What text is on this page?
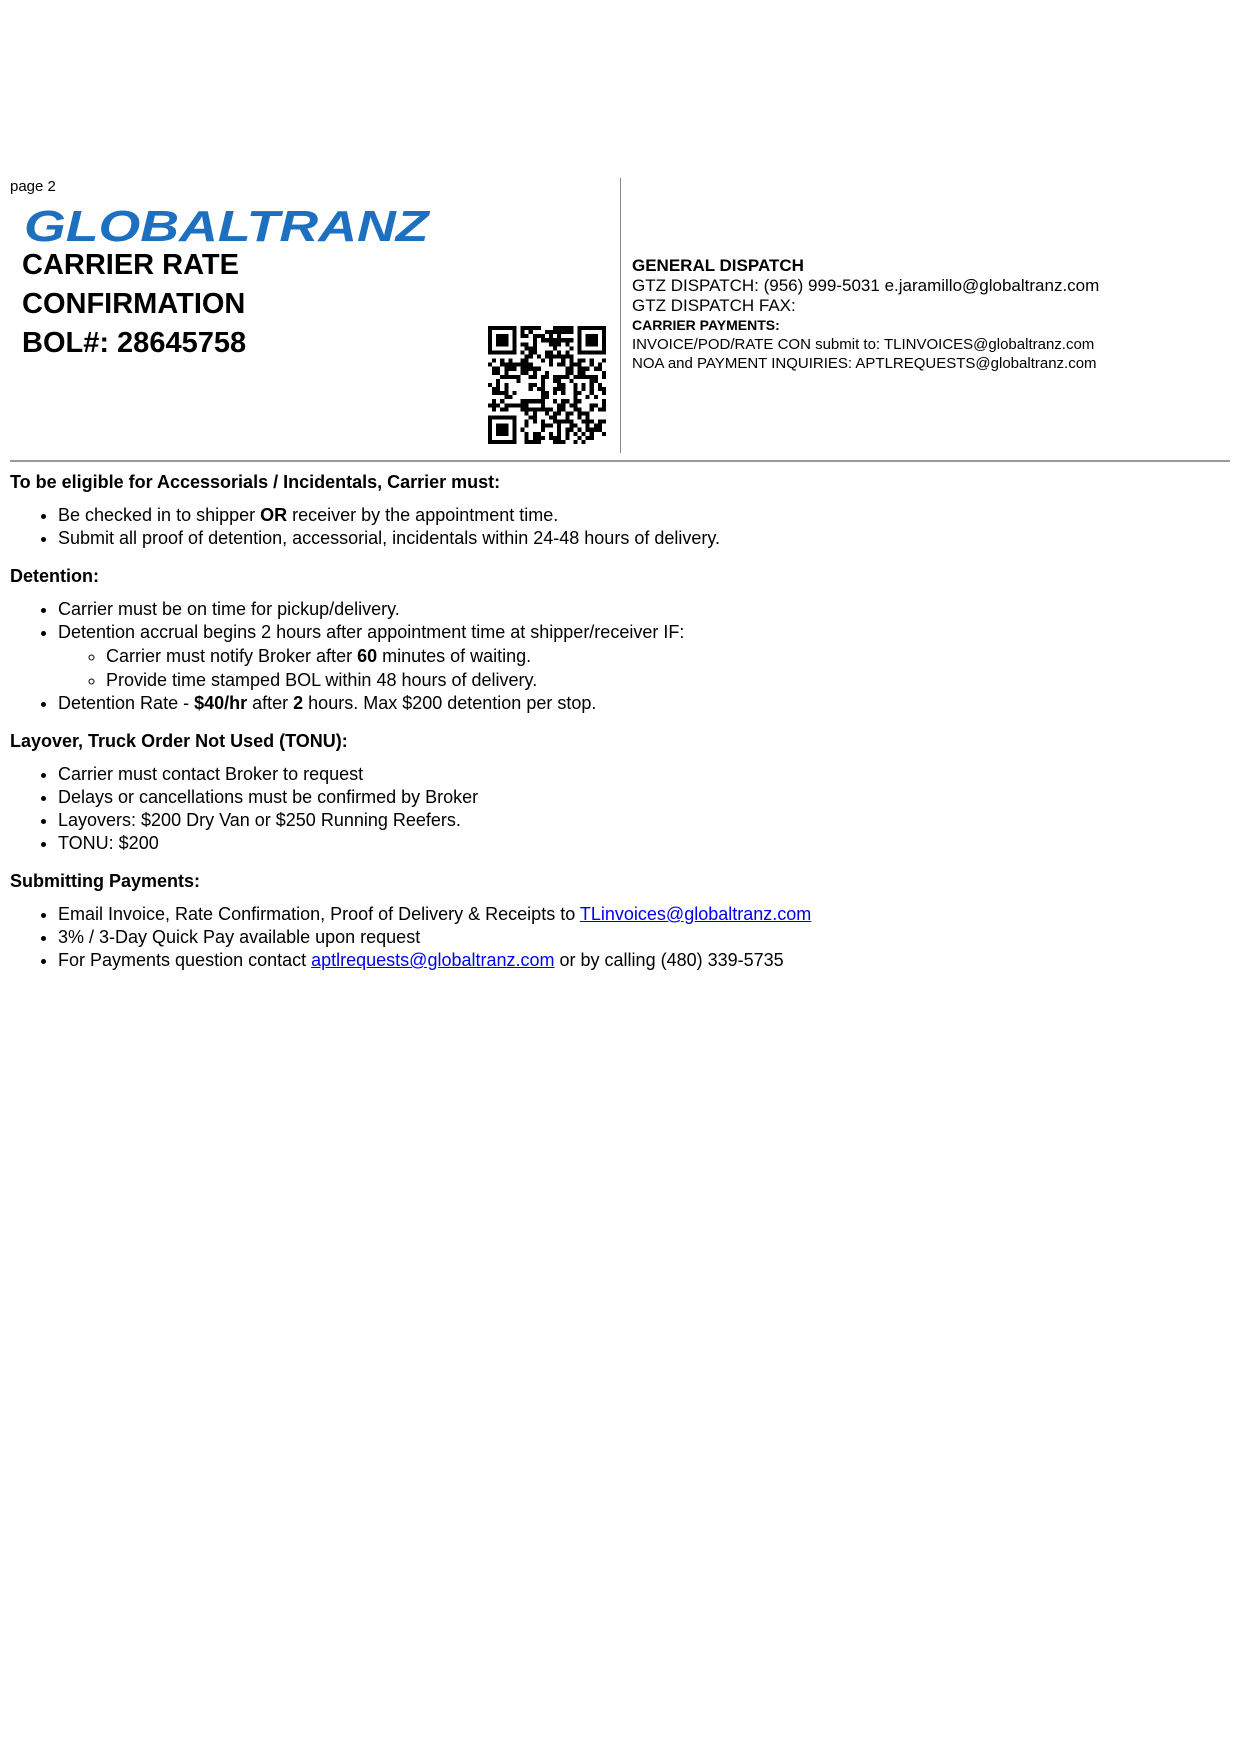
page 2
GLOBALTRANZ
CARRIER RATE
CONFIRMATION
BOL#: 28645758
GENERAL DISPATCH
GTZ DISPATCH: (956) 999-5031 e.jaramillo@globaltranz.com
GTZ DISPATCH FAX:
CARRIER PAYMENTS:
INVOICE/POD/RATE CON submit to: TLINVOICES@globaltranz.com
NOA and PAYMENT INQUIRIES: APTLREQUESTS@globaltranz.com
To be eligible for Accessorials / Incidentals, Carrier must:
• Be checked in to shipper OR receiver by the appointment time.
• Submit all proof of detention, accessorial, incidentals within 24-48 hours of delivery.
Detention:
• Carrier must be on time for pickup/delivery.
• Detention accrual begins 2 hours after appointment time at shipper/receiver IF:
◦ Carrier must notify Broker after 60 minutes of waiting.
◦ Provide time stamped BOL within 48 hours of delivery.
• Detention Rate - $40/hr after 2 hours. Max $200 detention per stop.
Layover, Truck Order Not Used (TONU):
• Carrier must contact Broker to request
• Delays or cancellations must be confirmed by Broker
• Layovers: $200 Dry Van or $250 Running Reefers.
• TONU: $200
Submitting Payments:
• Email Invoice, Rate Confirmation, Proof of Delivery & Receipts to TLinvoices@globaltranz.com
• 3% / 3-Day Quick Pay available upon request
• For Payments question contact aptlrequests@globaltranz.com or by calling (480) 339-5735
